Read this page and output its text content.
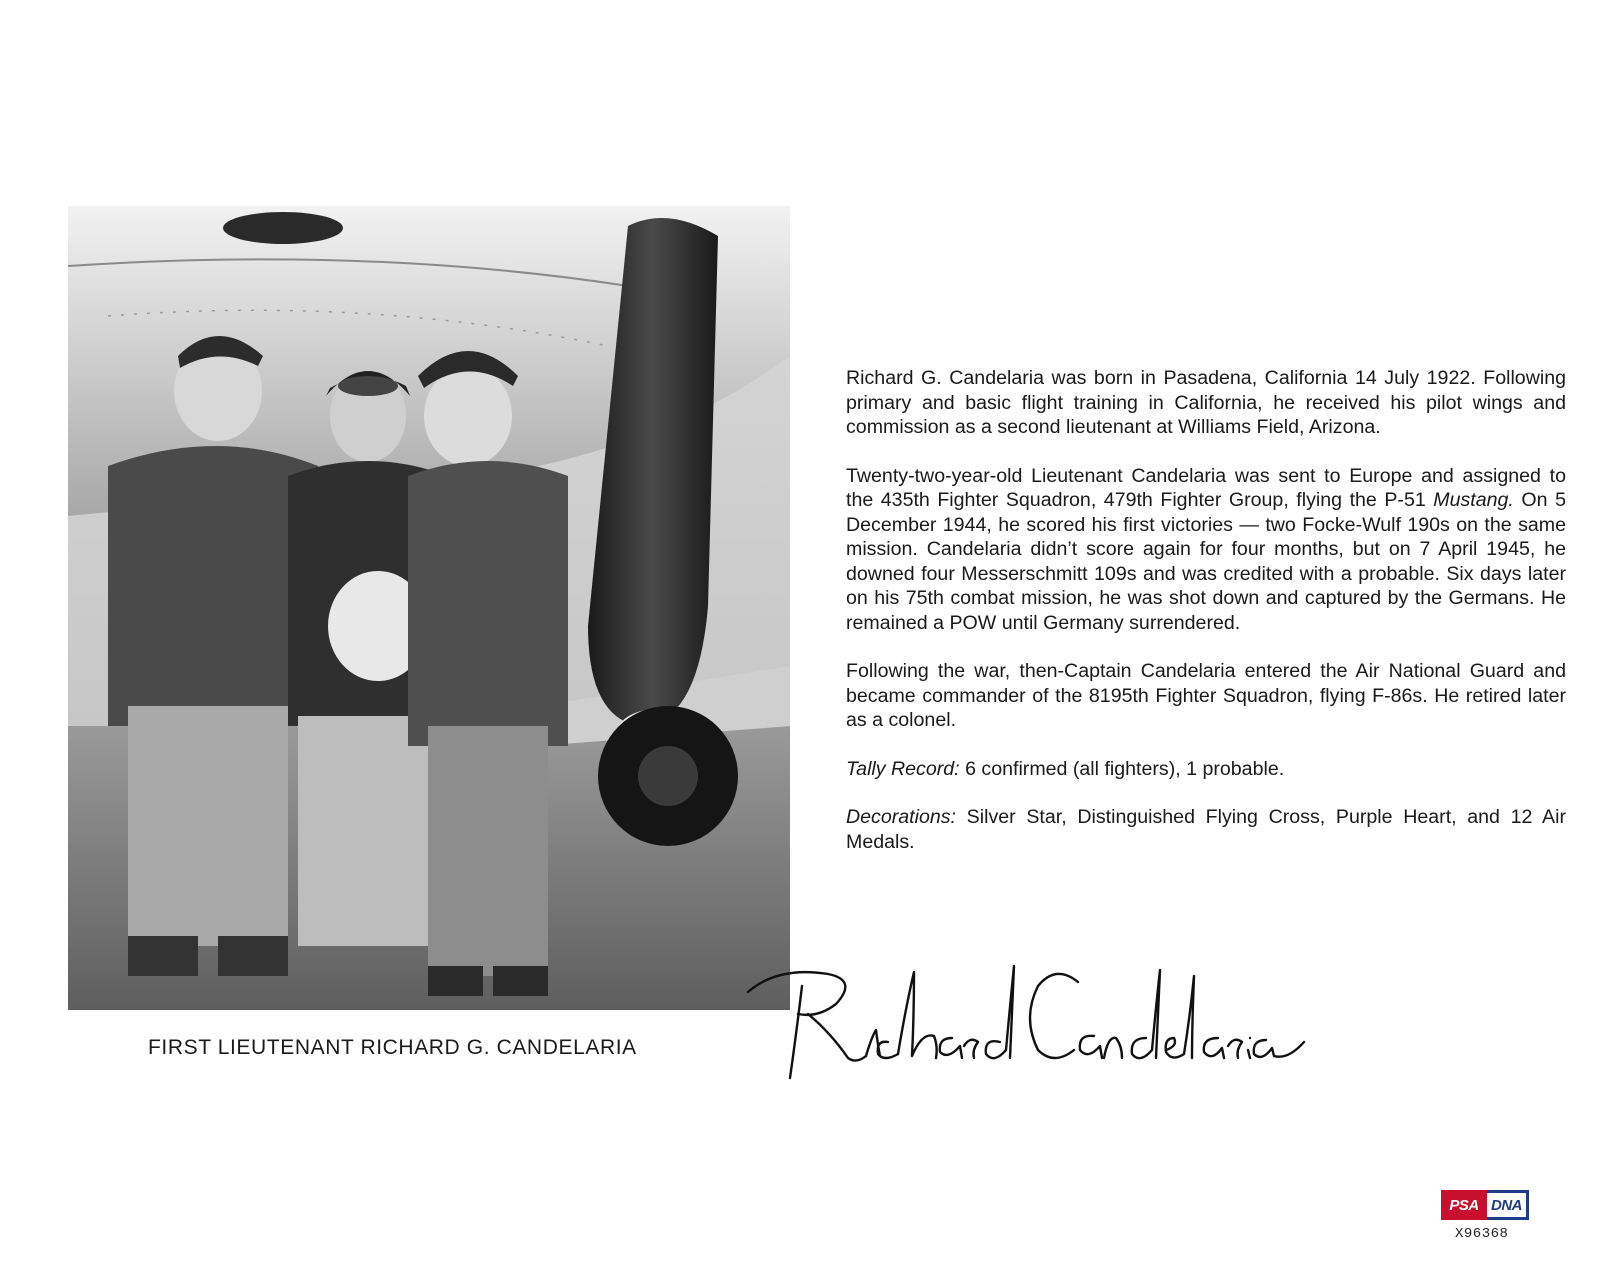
FIRST LIEUTENANT RICHARD G. CANDELARIA

Richard G. Candelaria was born in Pasadena, California 14 July 1922. Following primary and basic flight training in California, he received his pilot wings and commission as a second lieutenant at Williams Field, Arizona.

Twenty-two-year-old Lieutenant Candelaria was sent to Europe and assigned to the 435th Fighter Squadron, 479th Fighter Group, flying the P-51 Mustang. On 5 December 1944, he scored his first victories — two Focke-Wulf 190s on the same mission. Candelaria didn’t score again for four months, but on 7 April 1945, he downed four Messerschmitt 109s and was credited with a probable. Six days later on his 75th combat mission, he was shot down and captured by the Germans. He remained a POW until Germany surrendered.

Following the war, then-Captain Candelaria entered the Air National Guard and became commander of the 8195th Fighter Squadron, flying F-86s. He retired later as a colonel.

Tally Record: 6 confirmed (all fighters), 1 probable.

Decorations: Silver Star, Distinguished Flying Cross, Purple Heart, and 12 Air Medals.

PSA DNA
X96368
